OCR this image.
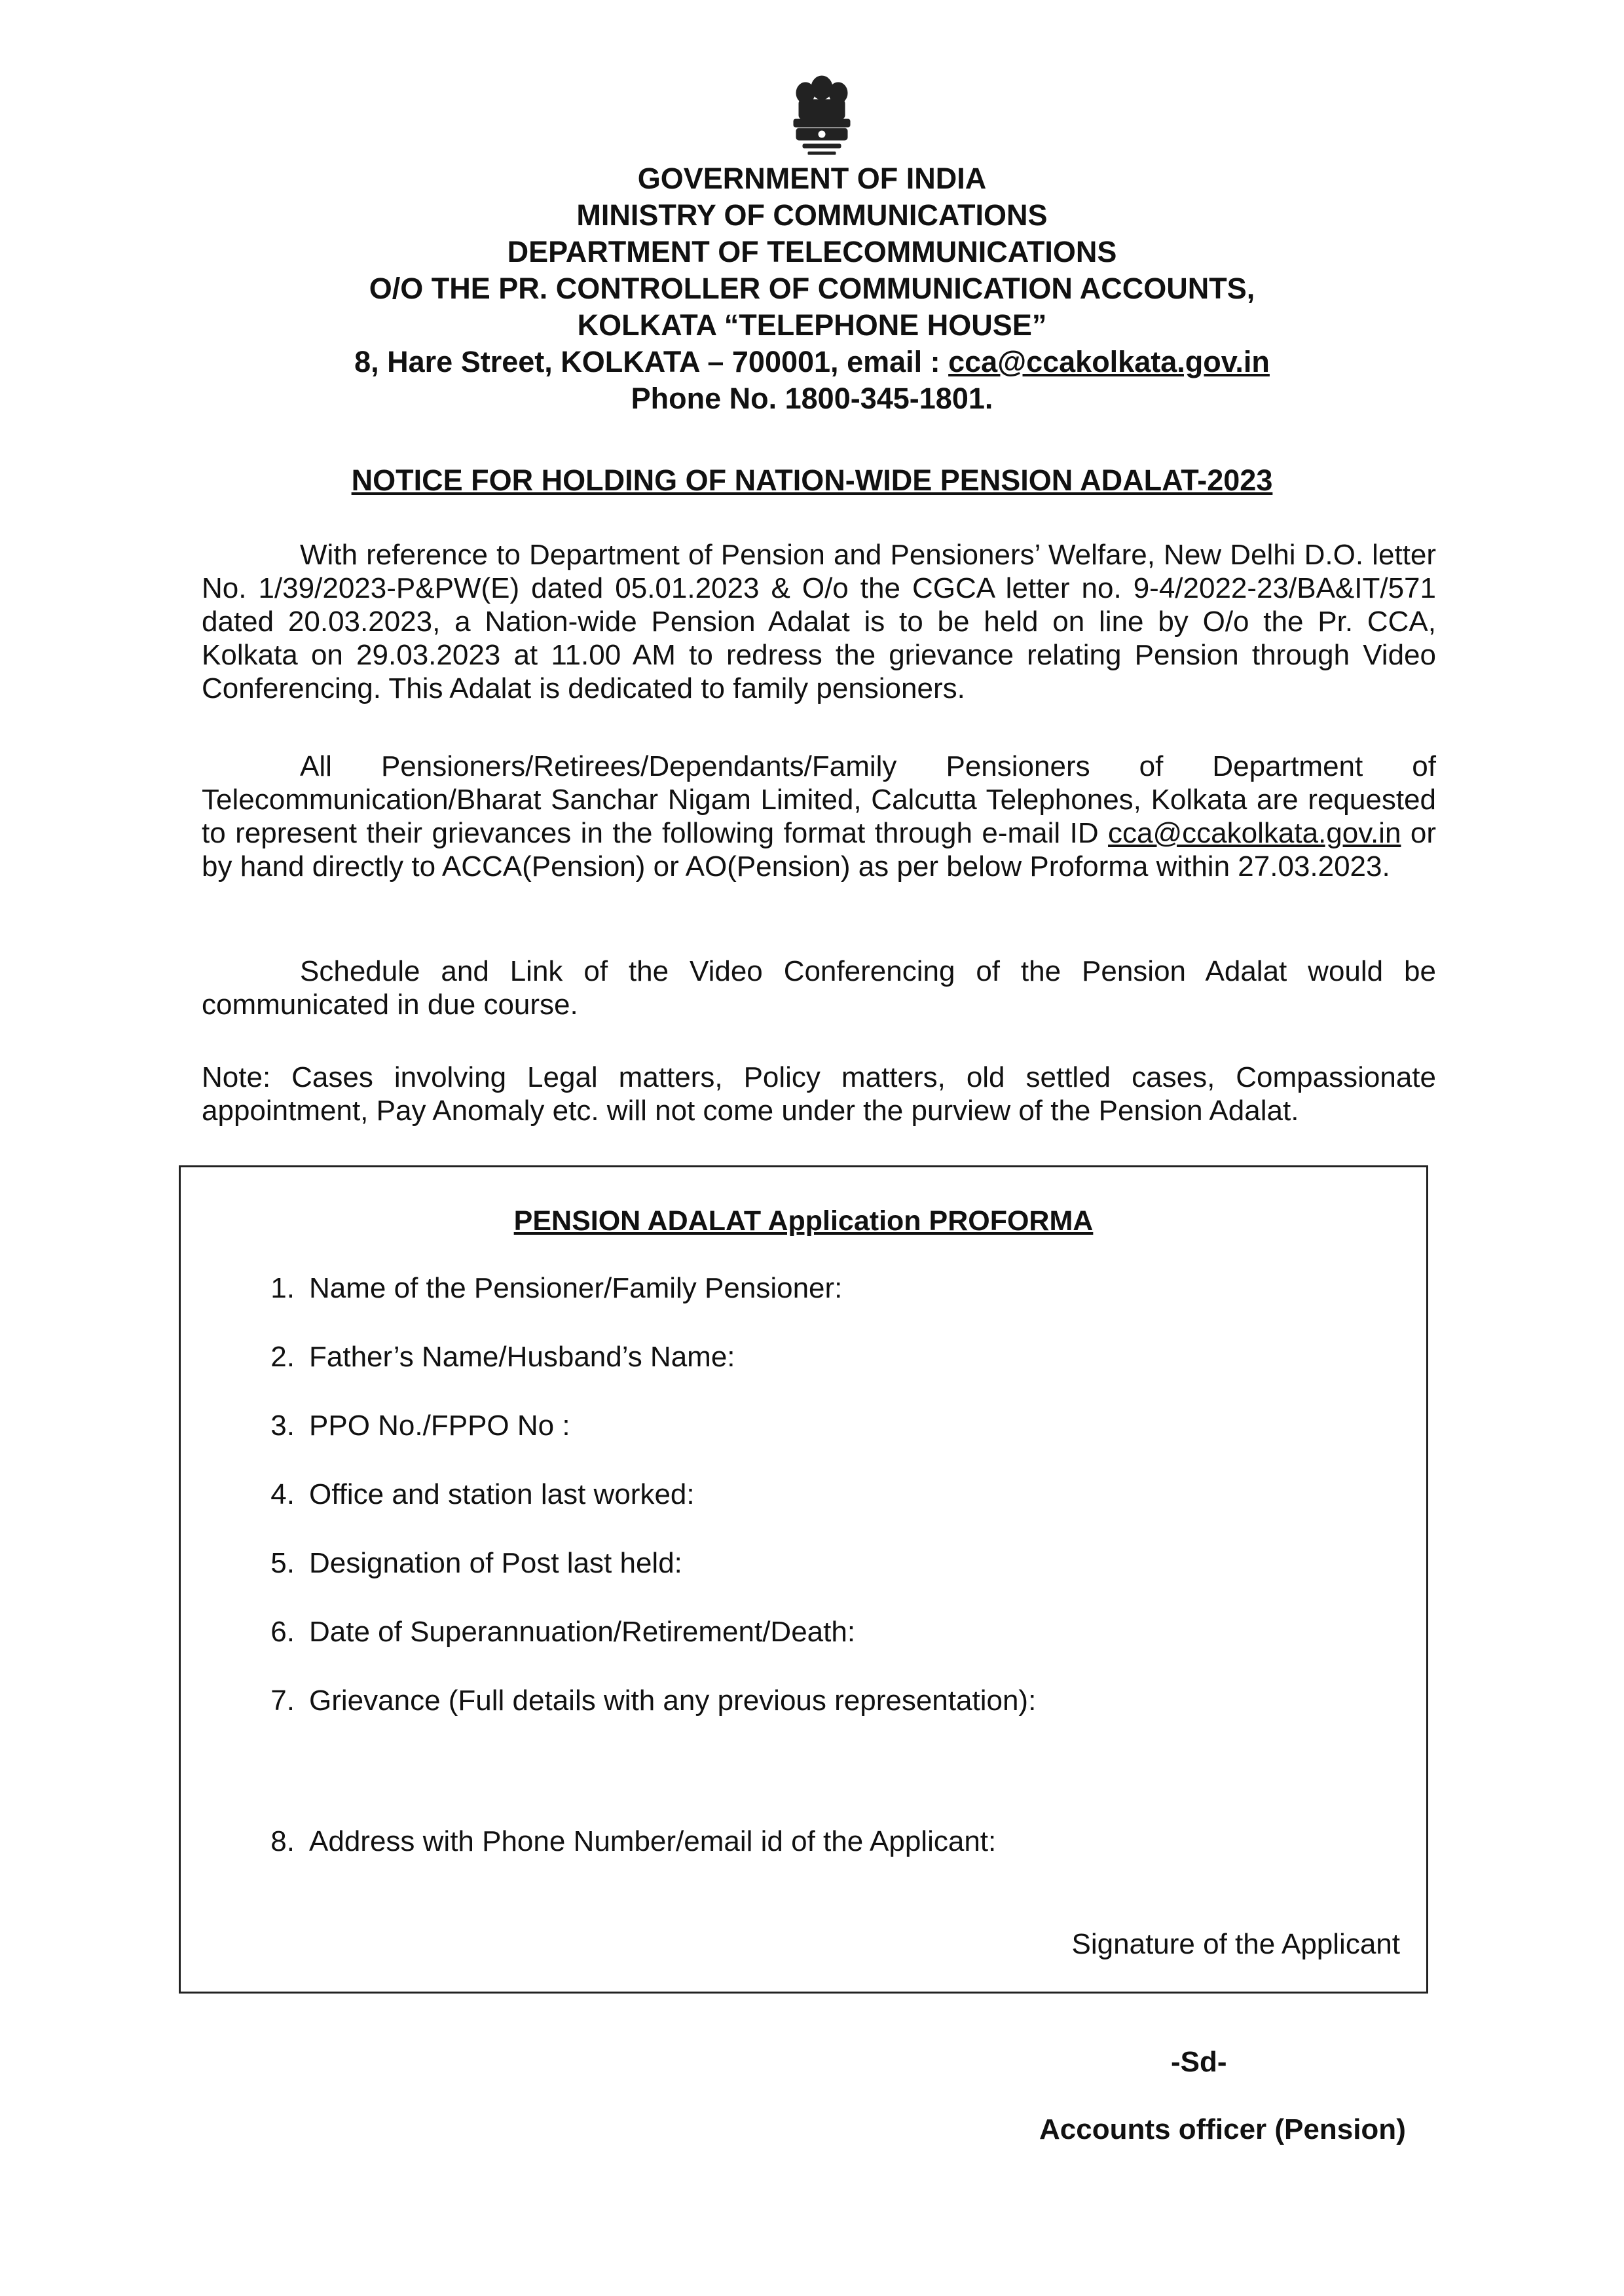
GOVERNMENT OF INDIA
MINISTRY OF COMMUNICATIONS
DEPARTMENT OF TELECOMMUNICATIONS
O/O THE PR. CONTROLLER OF COMMUNICATION ACCOUNTS,
KOLKATA “TELEPHONE HOUSE”
8, Hare Street, KOLKATA – 700001, email : cca@ccakolkata.gov.in
Phone No. 1800-345-1801.
NOTICE FOR HOLDING OF NATION-WIDE PENSION ADALAT-2023
With reference to Department of Pension and Pensioners’ Welfare, New Delhi D.O. letter No. 1/39/2023-P&PW(E) dated 05.01.2023 & O/o the CGCA letter no. 9-4/2022-23/BA&IT/571 dated 20.03.2023, a Nation-wide Pension Adalat is to be held on line by O/o the Pr. CCA, Kolkata on 29.03.2023 at 11.00 AM to redress the grievance relating Pension through Video Conferencing. This Adalat is dedicated to family pensioners.
All Pensioners/Retirees/Dependants/Family Pensioners of Department of Telecommunication/Bharat Sanchar Nigam Limited, Calcutta Telephones, Kolkata are requested to represent their grievances in the following format through e-mail ID cca@ccakolkata.gov.in or by hand directly to ACCA(Pension) or AO(Pension) as per below Proforma within 27.03.2023.
Schedule and Link of the Video Conferencing of the Pension Adalat would be communicated in due course.
Note: Cases involving Legal matters, Policy matters, old settled cases, Compassionate appointment, Pay Anomaly etc. will not come under the purview of the Pension Adalat.
PENSION ADALAT Application PROFORMA
1. Name of the Pensioner/Family Pensioner:
2. Father’s Name/Husband’s Name:
3. PPO No./FPPO No :
4. Office and station last worked:
5. Designation of Post last held:
6. Date of Superannuation/Retirement/Death:
7. Grievance (Full details with any previous representation):
8. Address with Phone Number/email id of the Applicant:
Signature of the Applicant
-Sd-
Accounts officer (Pension)
